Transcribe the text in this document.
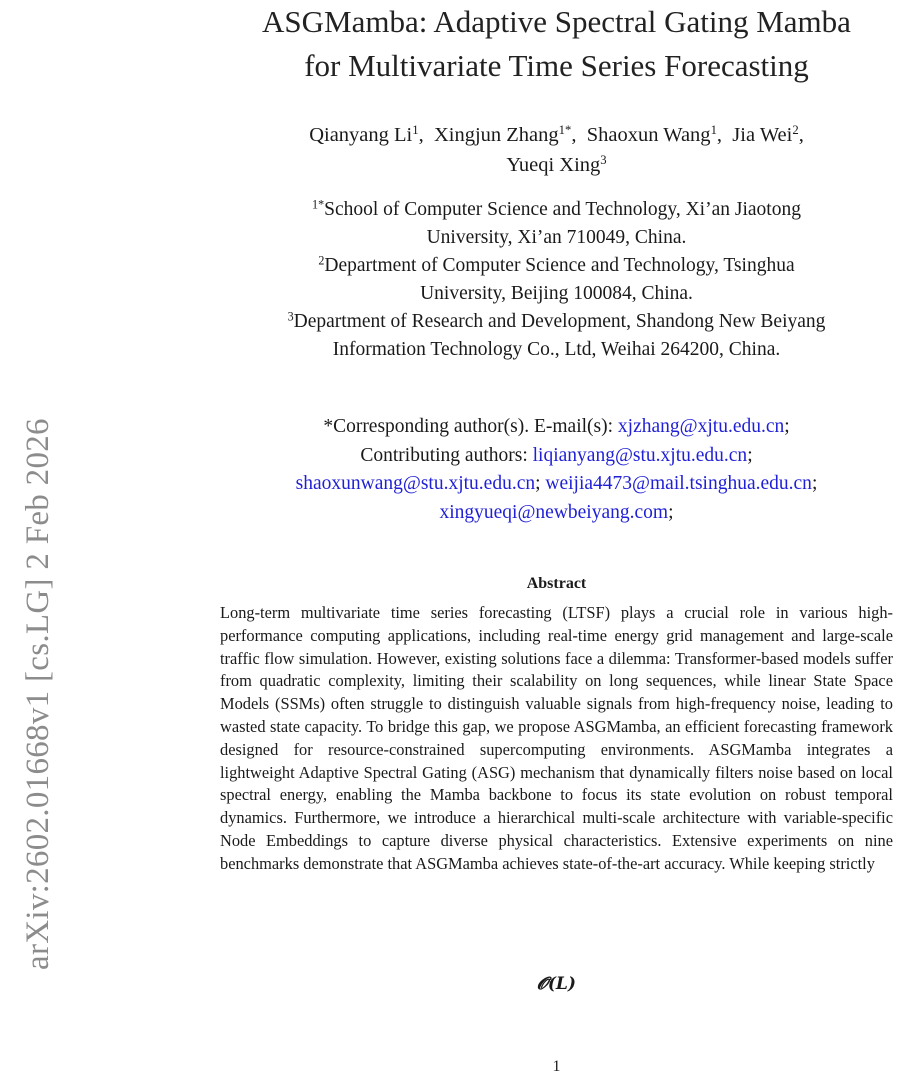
arXiv:2602.01668v1 [cs.LG] 2 Feb 2026
ASGMamba: Adaptive Spectral Gating Mamba
for Multivariate Time Series Forecasting
Qianyang Li$^1$,  Xingjun Zhang$^{1*}$,  Shaoxun Wang$^1$,  Jia Wei$^2$,
Yueqi Xing$^3$
$^{1*}$School of Computer Science and Technology, Xi’an Jiaotong
University, Xi’an 710049, China.
$^2$Department of Computer Science and Technology, Tsinghua
University, Beijing 100084, China.
$^3$Department of Research and Development, Shandong New Beiyang
Information Technology Co., Ltd, Weihai 264200, China.
*Corresponding author(s). E-mail(s): xjzhang@xjtu.edu.cn;
Contributing authors: liqianyang@stu.xjtu.edu.cn;
shaoxunwang@stu.xjtu.edu.cn; weijia4473@mail.tsinghua.edu.cn;
xingyueqi@newbeiyang.com;
Abstract
Long-term multivariate time series forecasting (LTSF) plays a crucial role in various high-performance computing applications, including real-time energy grid management and large-scale traffic flow simulation. However, existing solutions face a dilemma: Transformer-based models suffer from quadratic complexity, limiting their scalability on long sequences, while linear State Space Models (SSMs) often struggle to distinguish valuable signals from high-frequency noise, leading to wasted state capacity. To bridge this gap, we propose ASGMamba, an efficient forecasting framework designed for resource-constrained supercomputing environments. ASGMamba integrates a lightweight Adaptive Spectral Gating (ASG) mechanism that dynamically filters noise based on local spectral energy, enabling the Mamba backbone to focus its state evolution on robust temporal dynamics. Furthermore, we introduce a hierarchical multi-scale architecture with variable-specific Node Embeddings to capture diverse physical characteristics. Extensive experiments on nine benchmarks demonstrate that ASGMamba achieves state-of-the-art accuracy. While keeping strictly
𝓞(L)
1
